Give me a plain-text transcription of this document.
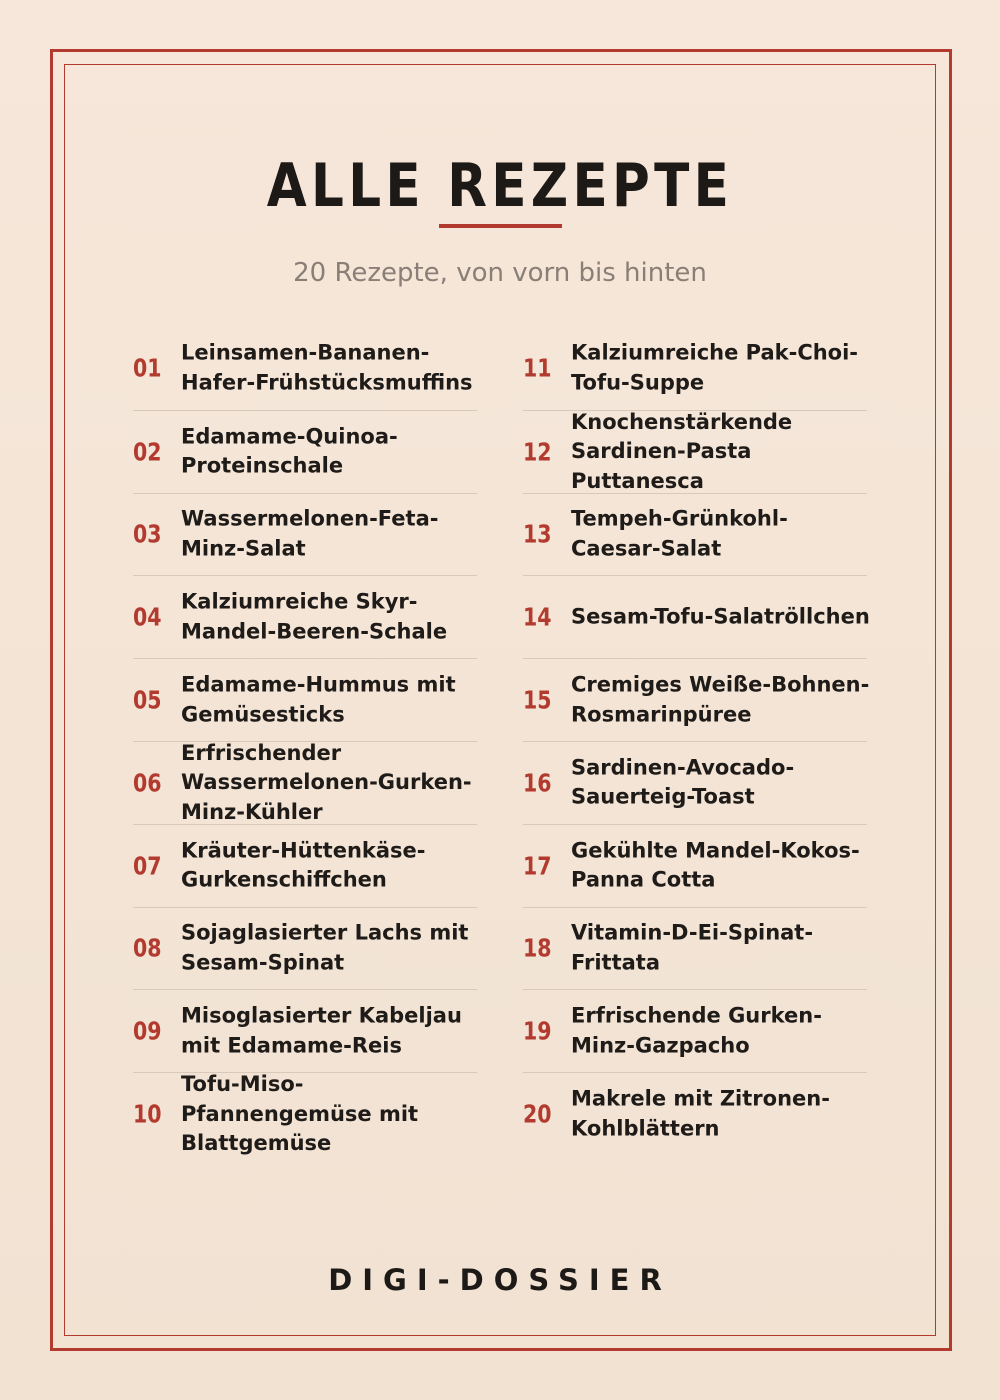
ALLE REZEPTE
20 Rezepte, von vorn bis hinten
01
Leinsamen-Bananen-Hafer-Frühstücksmuffins
02
Edamame-Quinoa-Proteinschale
03
Wassermelonen-Feta-Minz-Salat
04
Kalziumreiche Skyr-Mandel-Beeren-Schale
05
Edamame-Hummus mit Gemüsesticks
06
Erfrischender Wassermelonen-Gurken-Minz-Kühler
07
Kräuter-Hüttenkäse-Gurkenschiffchen
08
Sojaglasierter Lachs mit Sesam-Spinat
09
Misoglasierter Kabeljau mit Edamame-Reis
10
Tofu-Miso-Pfannengemüse mit Blattgemüse
11
Kalziumreiche Pak-Choi-Tofu-Suppe
12
Knochenstärkende Sardinen-Pasta Puttanesca
13
Tempeh-Grünkohl-Caesar-Salat
14 Sesam-Tofu-Salatröllchen
15
Cremiges Weiße-Bohnen-Rosmarinpüree
16
Sardinen-Avocado-Sauerteig-Toast
17
Gekühlte Mandel-Kokos-Panna Cotta
18
Vitamin-D-Ei-Spinat-Frittata
19
Erfrischende Gurken-Minz-Gazpacho
20
Makrele mit Zitronen-Kohlblättern
DIGI-DOSSIER
